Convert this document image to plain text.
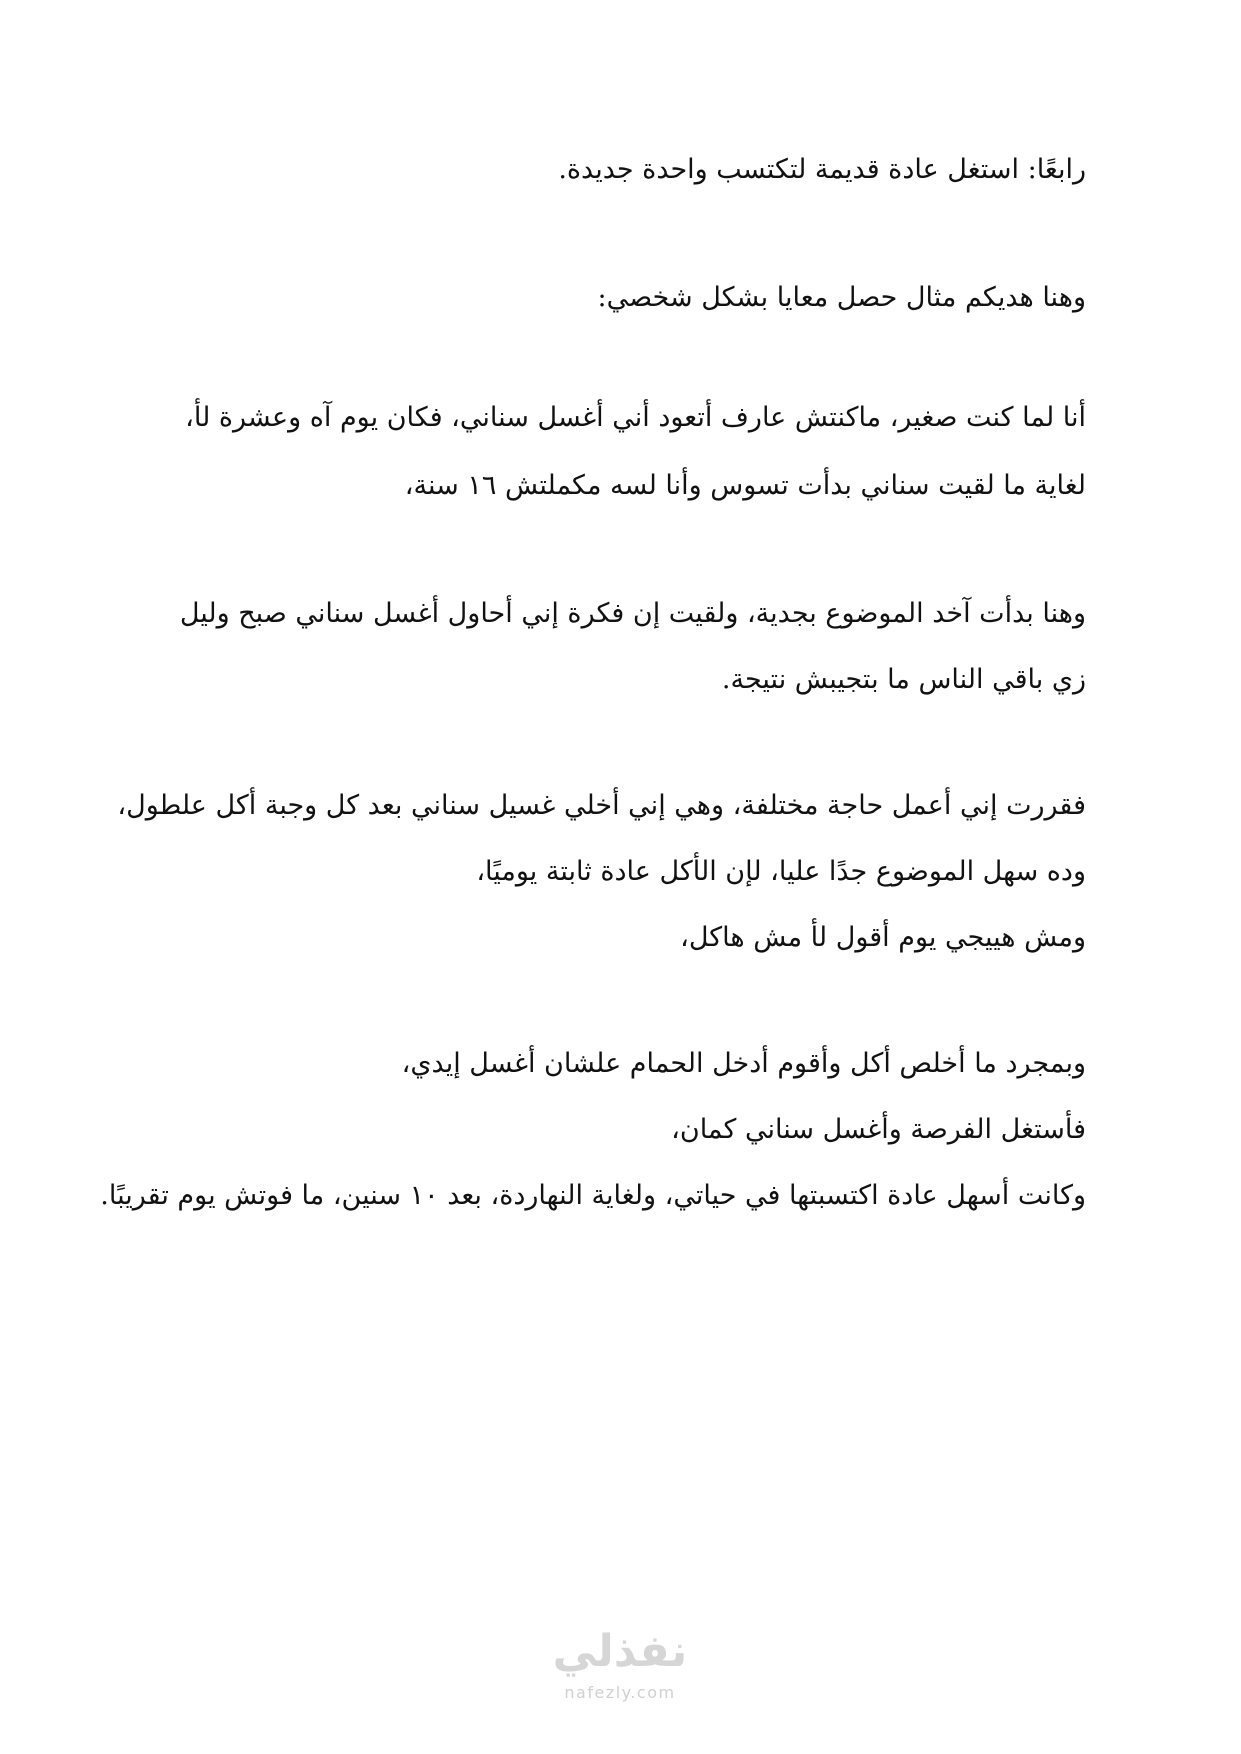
رابعًا: استغل عادة قديمة لتكتسب واحدة جديدة.
وهنا هديكم مثال حصل معايا بشكل شخصي:
أنا لما كنت صغير، ماكنتش عارف أتعود أني أغسل سناني، فكان يوم آه وعشرة لأ،
لغاية ما لقيت سناني بدأت تسوس وأنا لسه مكملتش ١٦ سنة،
وهنا بدأت آخد الموضوع بجدية، ولقيت إن فكرة إني أحاول أغسل سناني صبح وليل
زي باقي الناس ما بتجيبش نتيجة.
فقررت إني أعمل حاجة مختلفة، وهي إني أخلي غسيل سناني بعد كل وجبة أكل علطول،
وده سهل الموضوع جدًا عليا، لإن الأكل عادة ثابتة يوميًا،
ومش هييجي يوم أقول لأ مش هاكل،
وبمجرد ما أخلص أكل وأقوم أدخل الحمام علشان أغسل إيدي،
فأستغل الفرصة وأغسل سناني كمان،
وكانت أسهل عادة اكتسبتها في حياتي، ولغاية النهاردة، بعد ١٠ سنين، ما فوتش يوم تقريبًا.
نفذلي
nafezly.com
